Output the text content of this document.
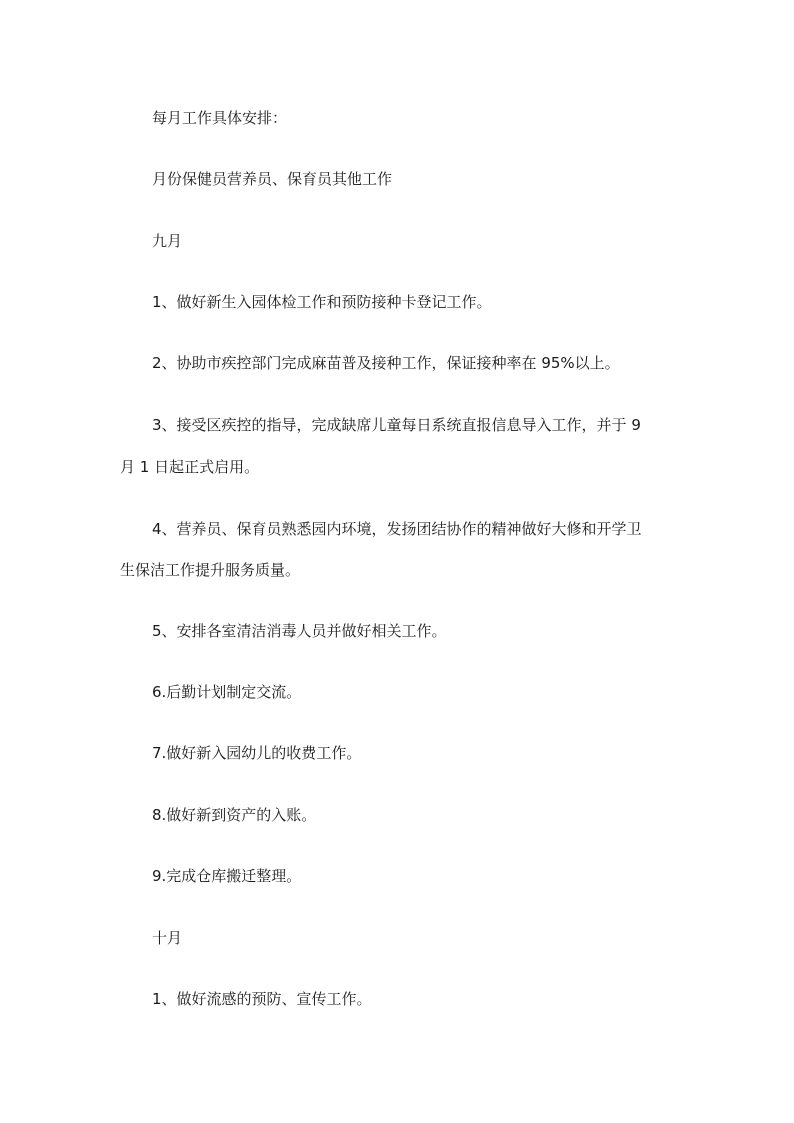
每月工作具体安排：
月份保健员营养员、保育员其他工作
九月
1、做好新生入园体检工作和预防接种卡登记工作。
2、协助市疾控部门完成麻苗普及接种工作，保证接种率在 95%以上。
3、接受区疾控的指导，完成缺席儿童每日系统直报信息导入工作，并于 9
月 1 日起正式启用。
4、营养员、保育员熟悉园内环境，发扬团结协作的精神做好大修和开学卫
生保洁工作提升服务质量。
5、安排各室清洁消毒人员并做好相关工作。
6.后勤计划制定交流。
7.做好新入园幼儿的收费工作。
8.做好新到资产的入账。
9.完成仓库搬迁整理。
十月
1、做好流感的预防、宣传工作。
